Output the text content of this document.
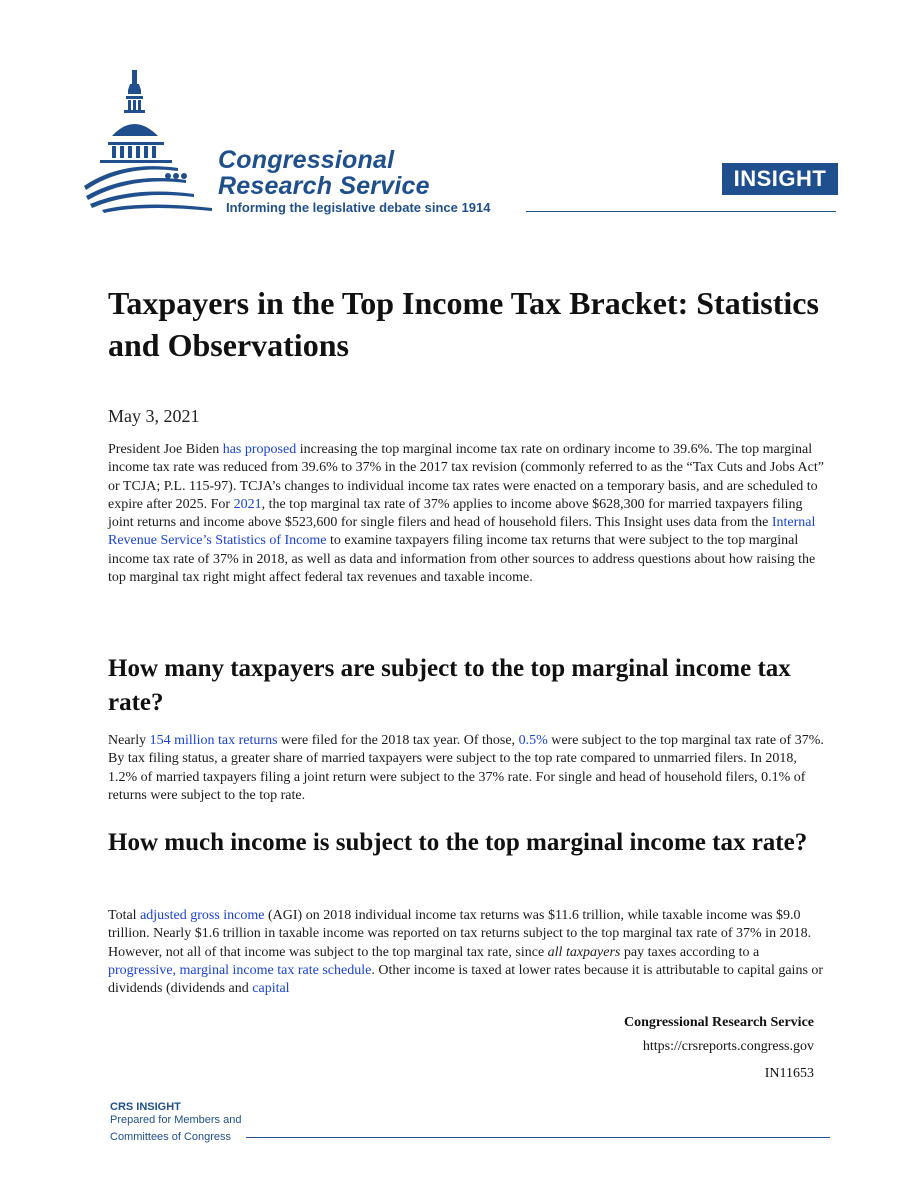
Congressional
Research Service
Informing the legislative debate since 1914
INSIGHT
Taxpayers in the Top Income Tax Bracket: Statistics and Observations
May 3, 2021

President Joe Biden has proposed increasing the top marginal income tax rate on ordinary income to 39.6%. The top marginal income tax rate was reduced from 39.6% to 37% in the 2017 tax revision (commonly referred to as the “Tax Cuts and Jobs Act” or TCJA; P.L. 115-97). TCJA’s changes to individual income tax rates were enacted on a temporary basis, and are scheduled to expire after 2025. For 2021, the top marginal tax rate of 37% applies to income above $628,300 for married taxpayers filing joint returns and income above $523,600 for single filers and head of household filers. This Insight uses data from the Internal Revenue Service’s Statistics of Income to examine taxpayers filing income tax returns that were subject to the top marginal income tax rate of 37% in 2018, as well as data and information from other sources to address questions about how raising the top marginal tax right might affect federal tax revenues and taxable income.

How many taxpayers are subject to the top marginal income tax rate?

Nearly 154 million tax returns were filed for the 2018 tax year. Of those, 0.5% were subject to the top marginal tax rate of 37%. By tax filing status, a greater share of married taxpayers were subject to the top rate compared to unmarried filers. In 2018, 1.2% of married taxpayers filing a joint return were subject to the 37% rate. For single and head of household filers, 0.1% of returns were subject to the top rate.

How much income is subject to the top marginal income tax rate?

Total adjusted gross income (AGI) on 2018 individual income tax returns was $11.6 trillion, while taxable income was $9.0 trillion. Nearly $1.6 trillion in taxable income was reported on tax returns subject to the top marginal tax rate of 37% in 2018. However, not all of that income was subject to the top marginal tax rate, since all taxpayers pay taxes according to a progressive, marginal income tax rate schedule. Other income is taxed at lower rates because it is attributable to capital gains or dividends (dividends and capital

Congressional Research Service
https://crsreports.congress.gov
IN11653
CRS INSIGHT
Prepared for Members and
Committees of Congress
